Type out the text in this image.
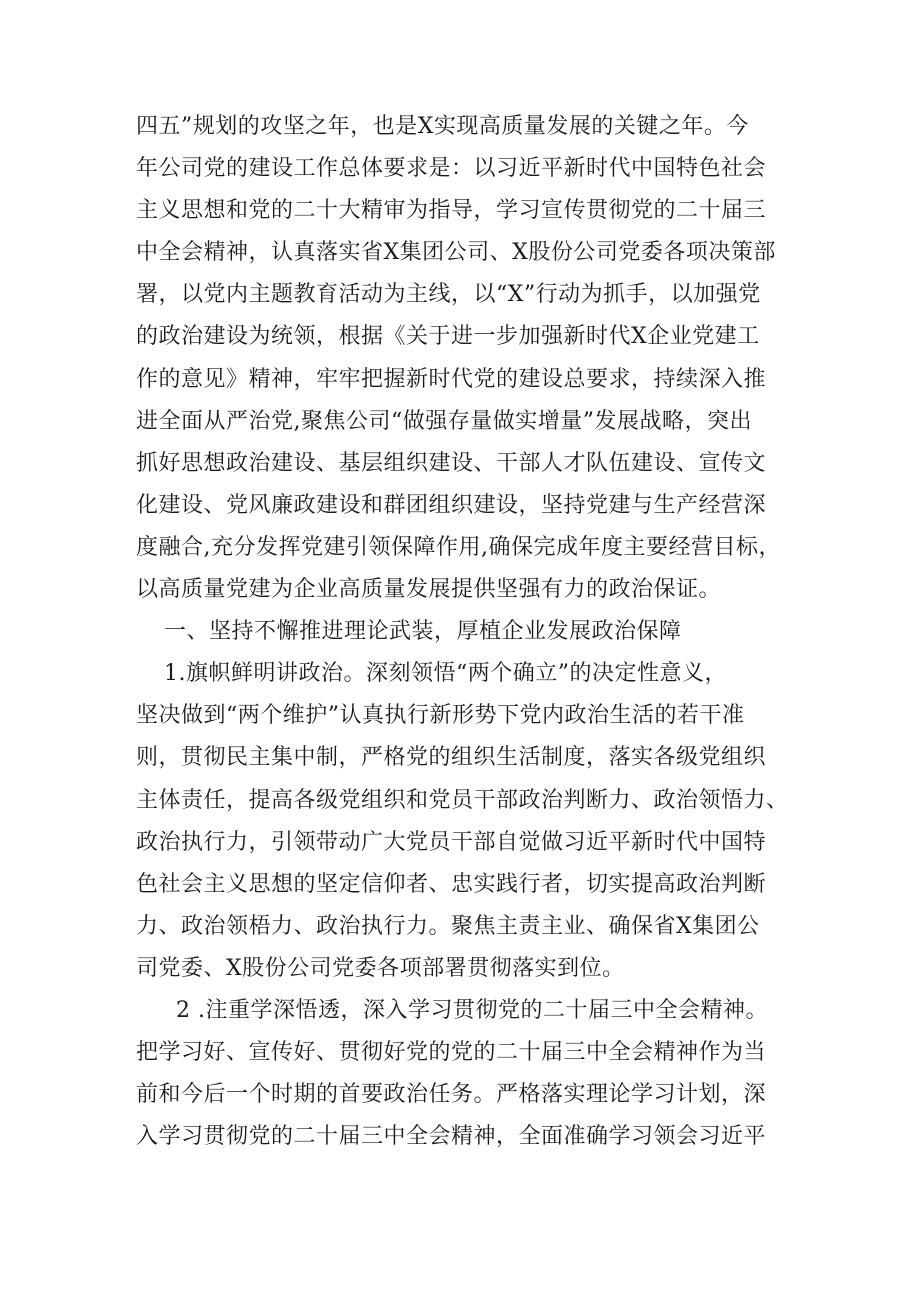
四五”规划的攻坚之年，也是X实现高质量发展的关键之年。今
年公司党的建设工作总体要求是：以习近平新时代中国特色社会
主义思想和党的二十大精审为指导，学习宣传贯彻党的二十届三
中全会精神，认真落实省X集团公司、X股份公司党委各项决策部
署，以党内主题教育活动为主线，以“X”行动为抓手，以加强党
的政治建设为统领，根据《关于进一步加强新时代X企业党建工
作的意见》精神，牢牢把握新时代党的建设总要求，持续深入推
进全面从严治党,聚焦公司“做强存量做实增量”发展战略，突出
抓好思想政治建设、基层组织建设、干部人才队伍建设、宣传文
化建设、党风廉政建设和群团组织建设，坚持党建与生产经营深
度融合,充分发挥党建引领保障作用,确保完成年度主要经营目标，
以高质量党建为企业高质量发展提供坚强有力的政治保证。
一、坚持不懈推进理论武装，厚植企业发展政治保障
1.旗帜鲜明讲政治。深刻领悟“两个确立”的决定性意义，
坚决做到“两个维护”认真执行新形势下党内政治生活的若干准
则，贯彻民主集中制，严格党的组织生活制度，落实各级党组织
主体责任，提高各级党组织和党员干部政治判断力、政治领悟力、
政治执行力，引领带动广大党员干部自觉做习近平新时代中国特
色社会主义思想的坚定信仰者、忠实践行者，切实提高政治判断
力、政治领梧力、政治执行力。聚焦主责主业、确保省X集团公
司党委、X股份公司党委各项部署贯彻落实到位。
2 .注重学深悟透，深入学习贯彻党的二十届三中全会精神。
把学习好、宣传好、贯彻好党的党的二十届三中全会精神作为当
前和今后一个时期的首要政治任务。严格落实理论学习计划，深
入学习贯彻党的二十届三中全会精神，全面准确学习领会习近平
